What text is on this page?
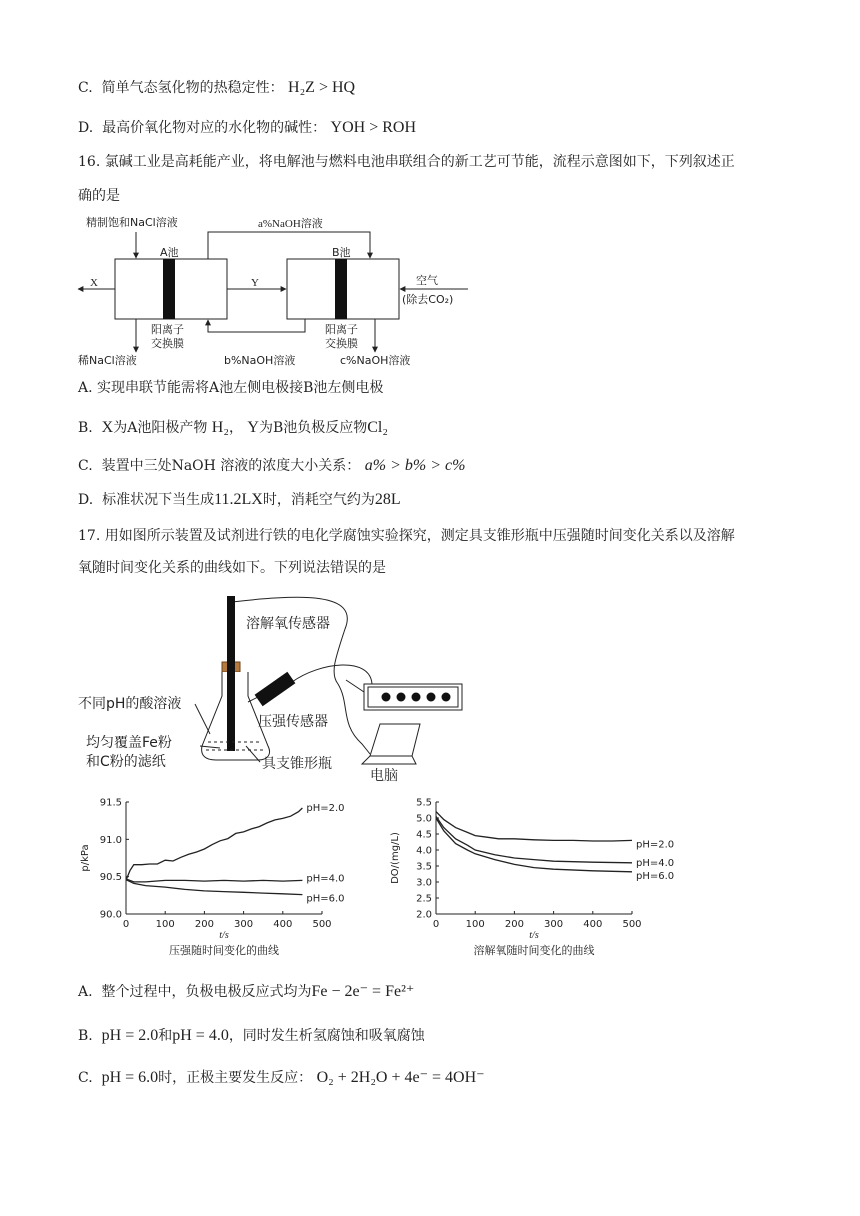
C. 简单气态氢化物的热稳定性： H₂Z > HQ
D. 最高价氧化物对应的水化物的碱性： YOH > ROH
16. 氯碱工业是高耗能产业，将电解池与燃料电池串联组合的新工艺可节能，流程示意图如下，下列叙述正
确的是
精制饱和NaCl溶液
A池	B池
a%NaOH溶液
X	Y	空气
(除去CO₂)
阳离子
交换膜
阳离子
交换膜
稀NaCl溶液	b%NaOH溶液	c%NaOH溶液
A. 实现串联节能需将A池左侧电极接B池左侧电极
B. X为A池阳极产物 H₂， Y为B池负极反应物Cl₂
C. 装置中三处NaOH 溶液的浓度大小关系： a% > b% > c%
D. 标准状况下当生成11.2LX时，消耗空气约为28L
17. 用如图所示装置及试剂进行铁的电化学腐蚀实验探究，测定具支锥形瓶中压强随时间变化关系以及溶解
氧随时间变化关系的曲线如下。下列说法错误的是
溶解氧传感器
不同pH的酸溶液
压强传感器
均匀覆盖Fe粉
和C粉的滤纸	具支锥形瓶
电脑
0	100 200 300 400 500
90.0
90.5
91.0
91.5
t/s
p/kPa
压强随时间变化的曲线
pH=2.0
pH=4.0
pH=6.0
0	100 200 300 400 500
2.0
2.5
3.0
3.5
4.0
4.5
5.0
5.5
t/s
DO/(mg/L)
溶解氧随时间变化的曲线
pH=2.0
pH=4.0
pH=6.0
A. 整个过程中，负极电极反应式均为Fe − 2e⁻ = Fe²⁺
B. pH = 2.0和pH = 4.0，同时发生析氢腐蚀和吸氧腐蚀
C. pH = 6.0时，正极主要发生反应： O₂ + 2H₂O + 4e⁻ = 4OH⁻
